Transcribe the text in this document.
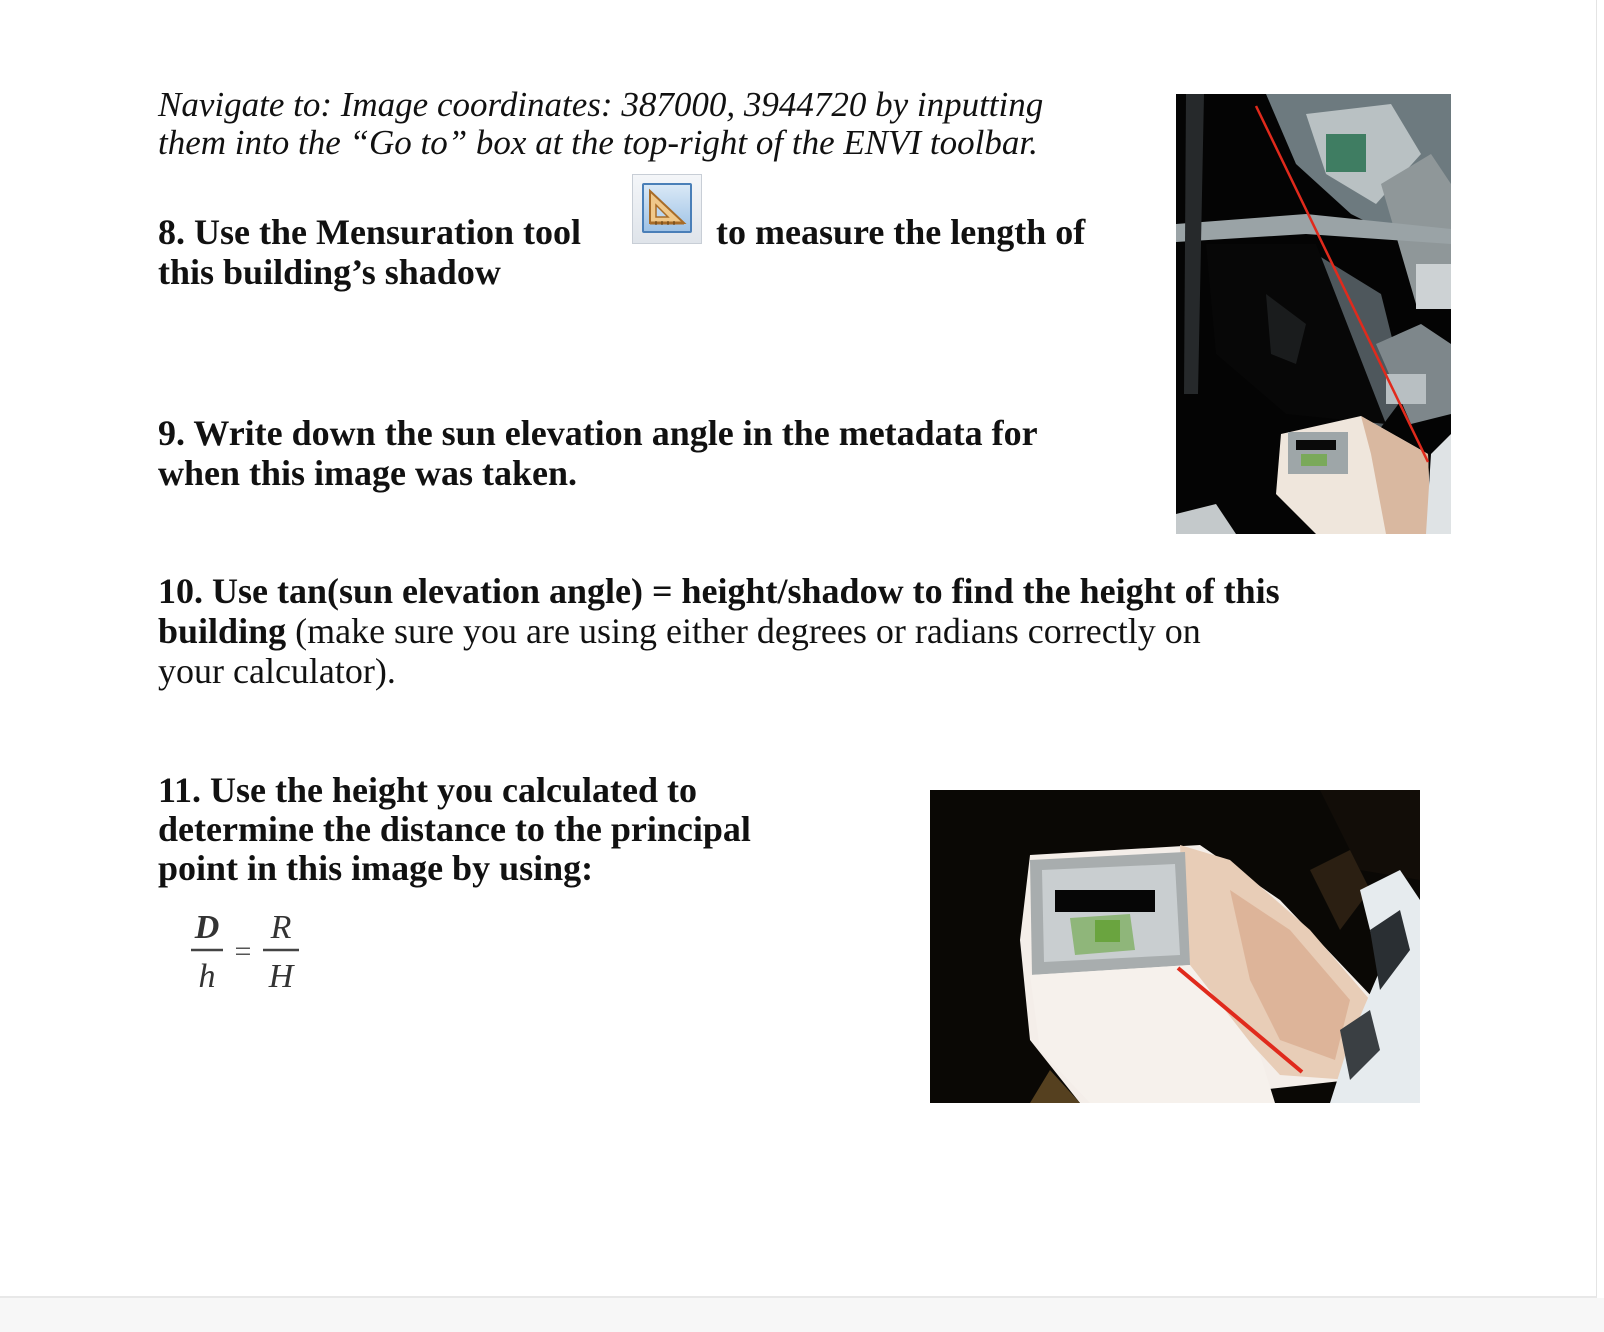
Navigate to: Image coordinates: 387000, 3944720 by inputting
them into the “Go to” box at the top-right of the ENVI toolbar.

8. Use the Mensuration tool
this building’s shadow

to measure the length of

9. Write down the sun elevation angle in the metadata for
when this image was taken.

10. Use tan(sun elevation angle) = height/shadow to find the height of this
building (make sure you are using either degrees or radians correctly on
your calculator).

11. Use the height you calculated to
determine the distance to the principal
point in this image by using:

D
h
=
R
H
